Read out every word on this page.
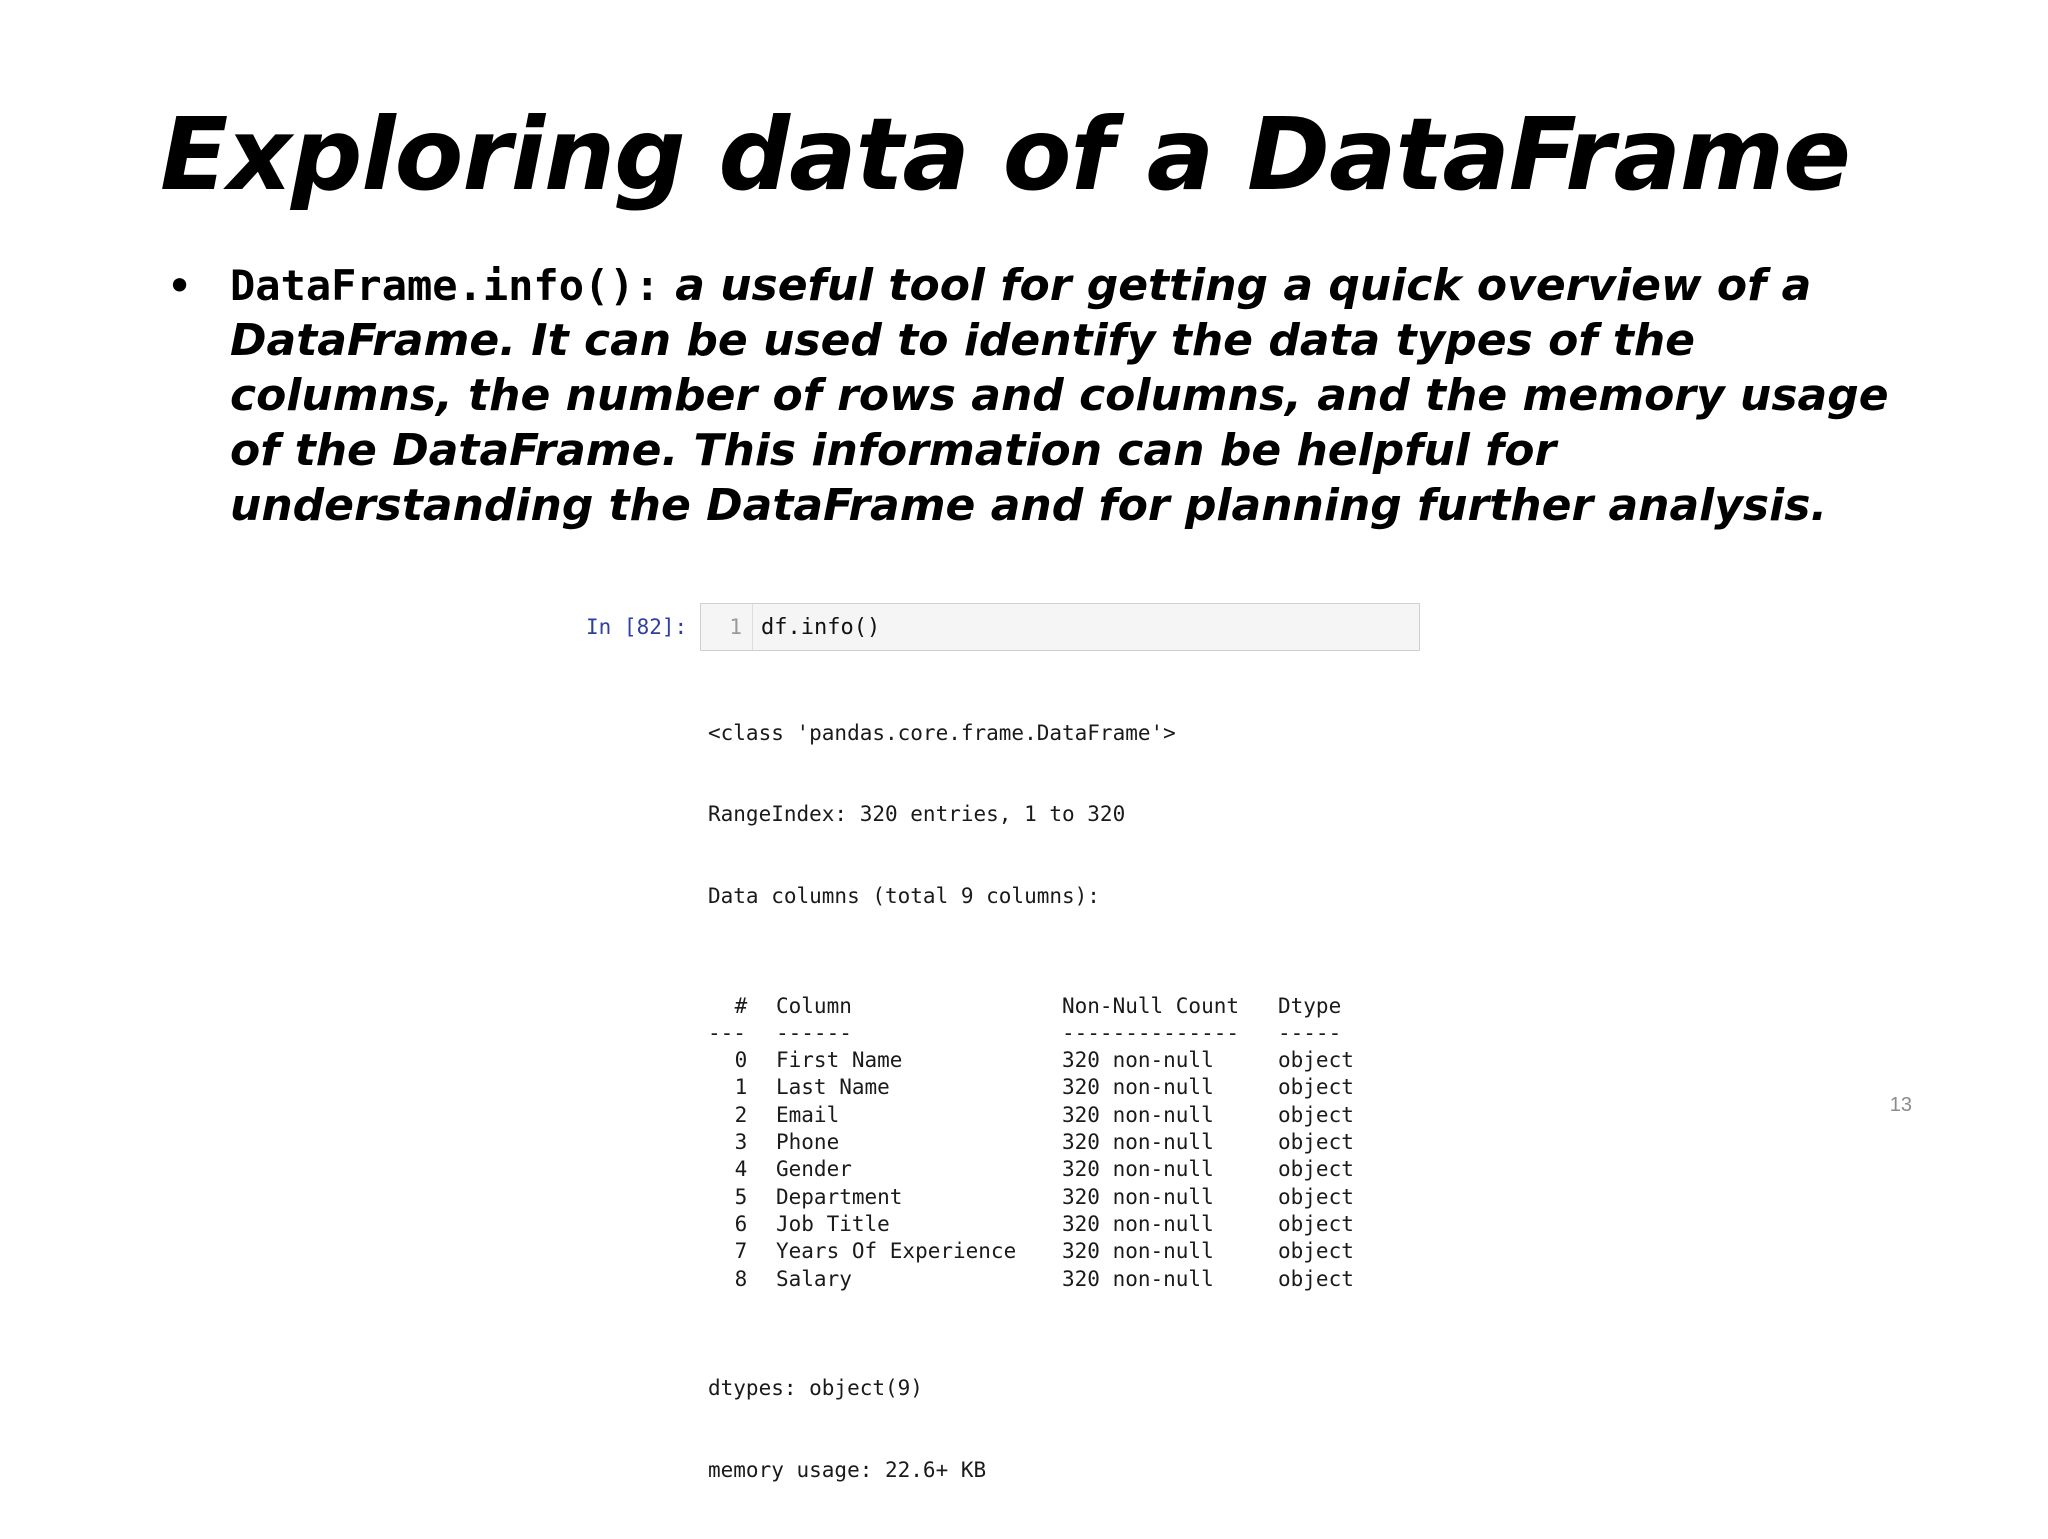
Exploring data of a DataFrame
• DataFrame.info(): a useful tool for getting a quick overview of a DataFrame. It can be used to identify the data types of the columns, the number of rows and columns, and the memory usage of the DataFrame. This information can be helpful for understanding the DataFrame and for planning further analysis.
In [82]:	1 df.info()

<class 'pandas.core.frame.DataFrame'>

RangeIndex: 320 entries, 1 to 320

Data columns (total 9 columns):

#	Column	Non-Null Count	Dtype
---	------	--------------	-----
0	First Name	320 non-null	object
1	Last Name	320 non-null	object
2	Email	320 non-null	object
3	Phone	320 non-null	object
4	Gender	320 non-null	object
5	Department	320 non-null	object
6	Job Title	320 non-null	object
7	Years Of Experience	320 non-null	object
8	Salary	320 non-null	object

dtypes: object(9)

memory usage: 22.6+ KB

13
